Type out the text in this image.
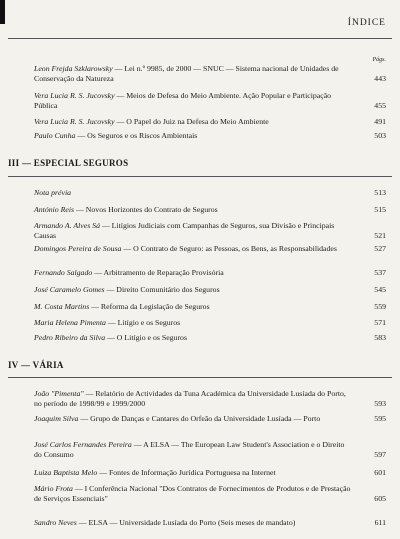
ÍNDICE
Págs.
Leon Frejda Szklarowsky — Lei n.º 9985, de 2000 — SNUC — Sistema nacional de Unidades de Conservação da Natureza	443
Vera Lucia R. S. Jucovsky — Meios de Defesa do Meio Ambiente. Ação Popular e Participação Pública	455
Vera Lucia R. S. Jucovsky — O Papel do Juiz na Defesa do Meio Ambiente	491
Paulo Cunha — Os Seguros e os Riscos Ambientais	503
III — ESPECIAL SEGUROS
Nota prévia	513
António Reis — Novos Horizontes do Contrato de Seguros	515
Armando A. Alves Sá — Litígios Judiciais com Campanhas de Seguros, sua Divisão e Principais Causas	521
Domingos Pereira de Sousa — O Contrato de Seguro: as Pessoas, os Bens, as Responsabilidades	527
Fernando Salgado — Arbitramento de Reparação Provisória	537
José Caramelo Gomes — Direito Comunitário dos Seguros	545
M. Costa Martins — Reforma da Legislação de Seguros	559
Maria Helena Pimenta — Litígio e os Seguros	571
Pedro Ribeiro da Silva — O Litígio e os Seguros	583
IV — VÁRIA
João "Pimenta" — Relatório de Actividades da Tuna Académica da Universidade Lusíada do Porto, no período de 1998/99 e 1999/2000	593
Joaquim Silva — Grupo de Danças e Cantares do Orfeão da Universidade Lusíada — Porto	595
José Carlos Fernandes Pereira — A ELSA — The European Law Student's Association e o Direito do Consumo	597
Luiza Baptista Melo — Fontes de Informação Jurídica Portuguesa na Internet	601
Mário Frota — I Conferência Nacional "Dos Contratos de Fornecimentos de Produtos e de Prestação de Serviços Essenciais"	605
Sandro Neves — ELSA — Universidade Lusíada do Porto (Seis meses de mandato)	611
